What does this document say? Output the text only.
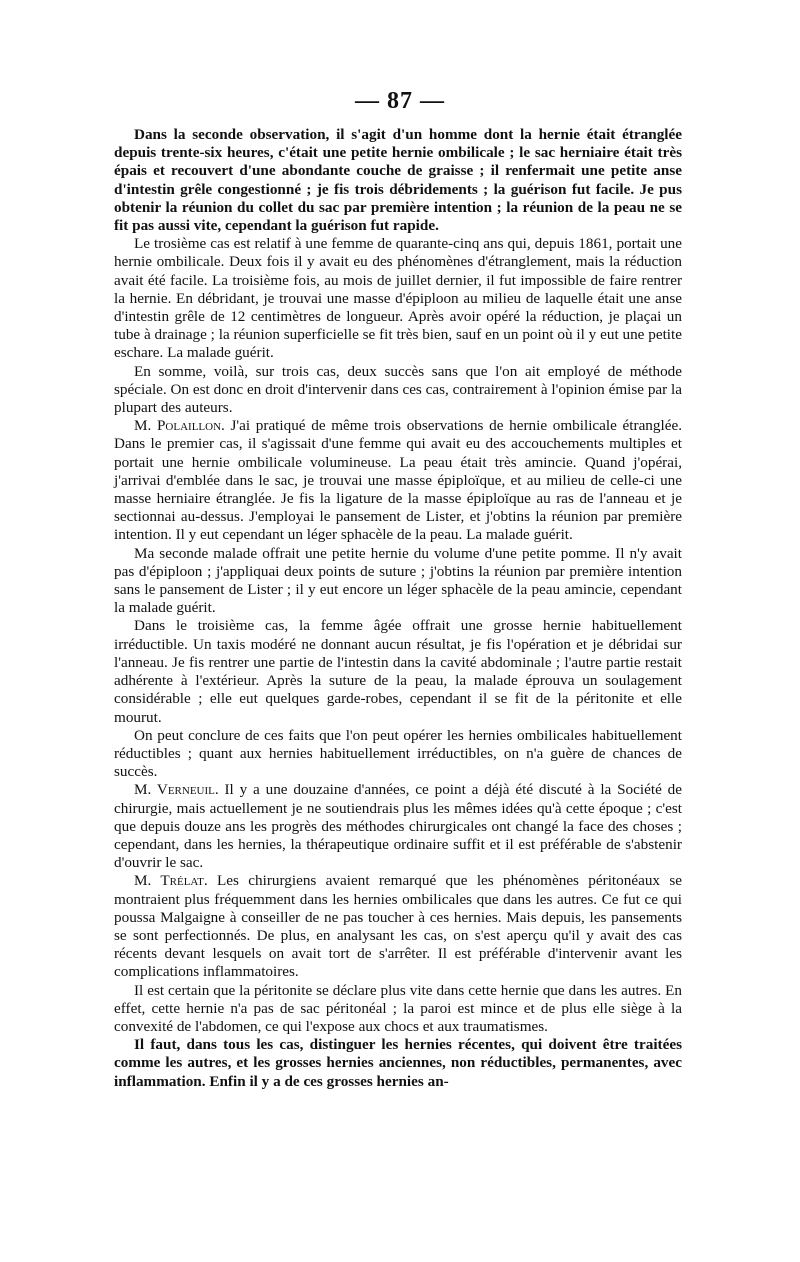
— 87 —

Dans la seconde observation, il s'agit d'un homme dont la hernie était étranglée depuis trente-six heures, c'était une petite hernie ombilicale ; le sac herniaire était très épais et recouvert d'une abondante couche de graisse ; il renfermait une petite anse d'intestin grêle congestionné ; je fis trois débridements ; la guérison fut facile. Je pus obtenir la réunion du collet du sac par première intention ; la réunion de la peau ne se fit pas aussi vite, cependant la guérison fut rapide.

Le trosième cas est relatif à une femme de quarante-cinq ans qui, depuis 1861, portait une hernie ombilicale. Deux fois il y avait eu des phénomènes d'étranglement, mais la réduction avait été facile. La troisième fois, au mois de juillet dernier, il fut impossible de faire rentrer la hernie. En débridant, je trouvai une masse d'épiploon au milieu de laquelle était une anse d'intestin grêle de 12 centimètres de longueur. Après avoir opéré la réduction, je plaçai un tube à drainage ; la réunion superficielle se fit très bien, sauf en un point où il y eut une petite eschare. La malade guérit.

En somme, voilà, sur trois cas, deux succès sans que l'on ait employé de méthode spéciale. On est donc en droit d'intervenir dans ces cas, contrairement à l'opinion émise par la plupart des auteurs.

M. Polaillon. J'ai pratiqué de même trois observations de hernie ombilicale étranglée. Dans le premier cas, il s'agissait d'une femme qui avait eu des accouchements multiples et portait une hernie ombilicale volumineuse. La peau était très amincie. Quand j'opérai, j'arrivai d'emblée dans le sac, je trouvai une masse épiploïque, et au milieu de celle-ci une masse herniaire étranglée. Je fis la ligature de la masse épiploïque au ras de l'anneau et je sectionnai au-dessus. J'employai le pansement de Lister, et j'obtins la réunion par première intention. Il y eut cependant un léger sphacèle de la peau. La malade guérit.

Ma seconde malade offrait une petite hernie du volume d'une petite pomme. Il n'y avait pas d'épiploon ; j'appliquai deux points de suture ; j'obtins la réunion par première intention sans le pansement de Lister ; il y eut encore un léger sphacèle de la peau amincie, cependant la malade guérit.

Dans le troisième cas, la femme âgée offrait une grosse hernie habituellement irréductible. Un taxis modéré ne donnant aucun résultat, je fis l'opération et je débridai sur l'anneau. Je fis rentrer une partie de l'intestin dans la cavité abdominale ; l'autre partie restait adhérente à l'extérieur. Après la suture de la peau, la malade éprouva un soulagement considérable ; elle eut quelques garde-robes, cependant il se fit de la péritonite et elle mourut.

On peut conclure de ces faits que l'on peut opérer les hernies ombilicales habituellement réductibles ; quant aux hernies habituellement irréductibles, on n'a guère de chances de succès.

M. Verneuil. Il y a une douzaine d'années, ce point a déjà été discuté à la Société de chirurgie, mais actuellement je ne soutiendrais plus les mêmes idées qu'à cette époque ; c'est que depuis douze ans les progrès des méthodes chirurgicales ont changé la face des choses ; cependant, dans les hernies, la thérapeutique ordinaire suffit et il est préférable de s'abstenir d'ouvrir le sac.

M. Trélat. Les chirurgiens avaient remarqué que les phénomènes péritonéaux se montraient plus fréquemment dans les hernies ombilicales que dans les autres. Ce fut ce qui poussa Malgaigne à conseiller de ne pas toucher à ces hernies. Mais depuis, les pansements se sont perfectionnés. De plus, en analysant les cas, on s'est aperçu qu'il y avait des cas récents devant lesquels on avait tort de s'arrêter. Il est préférable d'intervenir avant les complications inflammatoires.

Il est certain que la péritonite se déclare plus vite dans cette hernie que dans les autres. En effet, cette hernie n'a pas de sac péritonéal ; la paroi est mince et de plus elle siège à la convexité de l'abdomen, ce qui l'expose aux chocs et aux traumatismes.

Il faut, dans tous les cas, distinguer les hernies récentes, qui doivent être traitées comme les autres, et les grosses hernies anciennes, non réductibles, permanentes, avec inflammation. Enfin il y a de ces grosses hernies an-
